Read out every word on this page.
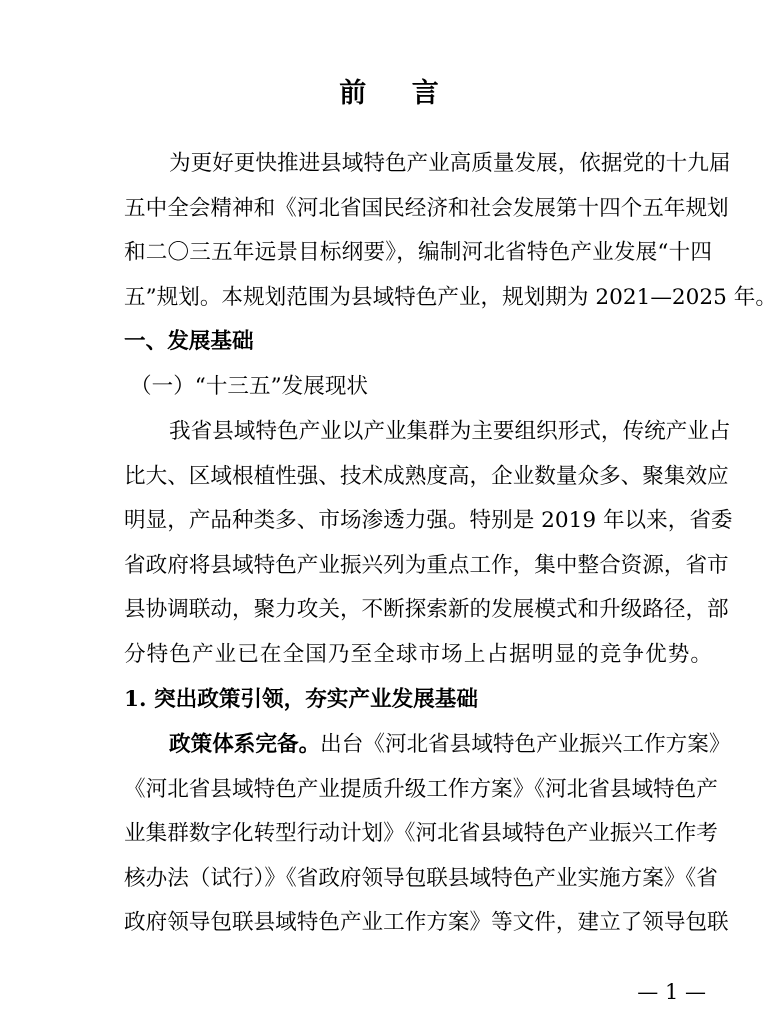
前 言
为更好更快推进县域特色产业高质量发展，依据党的十九届
五中全会精神和《河北省国民经济和社会发展第十四个五年规划
和二〇三五年远景目标纲要》，编制河北省特色产业发展“十四
五”规划。本规划范围为县域特色产业，规划期为 2021—2025 年。
一、发展基础
（一）“十三五”发展现状
我省县域特色产业以产业集群为主要组织形式，传统产业占
比大、区域根植性强、技术成熟度高，企业数量众多、聚集效应
明显，产品种类多、市场渗透力强。特别是 2019 年以来，省委
省政府将县域特色产业振兴列为重点工作，集中整合资源，省市
县协调联动，聚力攻关，不断探索新的发展模式和升级路径，部
分特色产业已在全国乃至全球市场上占据明显的竞争优势。
1. 突出政策引领，夯实产业发展基础
政策体系完备。出台《河北省县域特色产业振兴工作方案》
《河北省县域特色产业提质升级工作方案》《河北省县域特色产
业集群数字化转型行动计划》《河北省县域特色产业振兴工作考
核办法（试行）》《省政府领导包联县域特色产业实施方案》《省
政府领导包联县域特色产业工作方案》等文件，建立了领导包联
— 1 —
